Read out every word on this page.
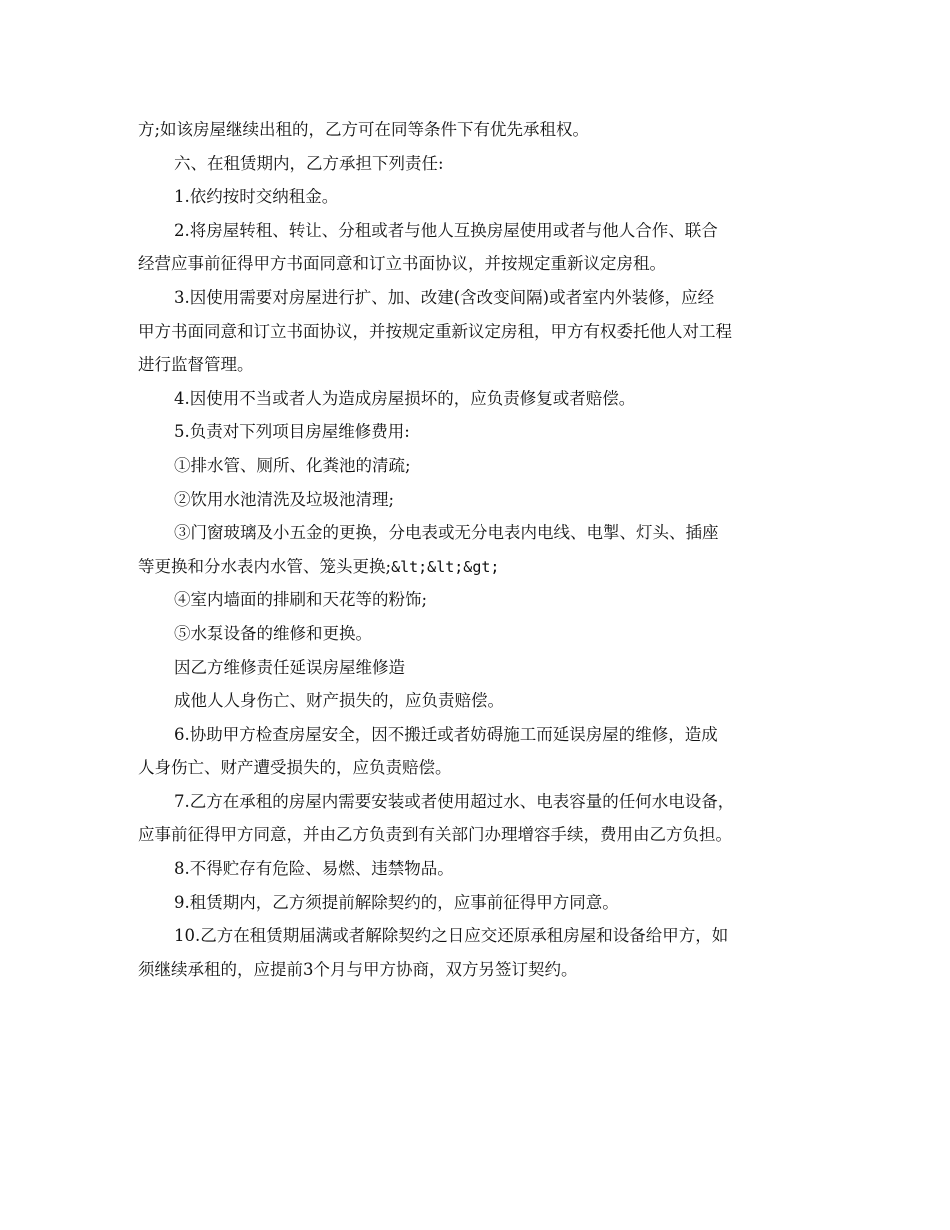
方;如该房屋继续出租的，乙方可在同等条件下有优先承租权。
六、在租赁期内，乙方承担下列责任:
1.依约按时交纳租金。
2.将房屋转租、转让、分租或者与他人互换房屋使用或者与他人合作、联合
经营应事前征得甲方书面同意和订立书面协议，并按规定重新议定房租。
3.因使用需要对房屋进行扩、加、改建(含改变间隔)或者室内外装修，应经
甲方书面同意和订立书面协议，并按规定重新议定房租，甲方有权委托他人对工程
进行监督管理。
4.因使用不当或者人为造成房屋损坏的，应负责修复或者赔偿。
5.负责对下列项目房屋维修费用:
①排水管、厕所、化粪池的清疏;
②饮用水池清洗及垃圾池清理;
③门窗玻璃及小五金的更换，分电表或无分电表内电线、电掣、灯头、插座
等更换和分水表内水管、笼头更换;&lt;&lt;&gt;
④室内墙面的排刷和天花等的粉饰;
⑤水泵设备的维修和更换。
因乙方维修责任延误房屋维修造
成他人人身伤亡、财产损失的，应负责赔偿。
6.协助甲方检查房屋安全，因不搬迁或者妨碍施工而延误房屋的维修，造成
人身伤亡、财产遭受损失的，应负责赔偿。
7.乙方在承租的房屋内需要安装或者使用超过水、电表容量的任何水电设备，
应事前征得甲方同意，并由乙方负责到有关部门办理增容手续，费用由乙方负担。
8.不得贮存有危险、易燃、违禁物品。
9.租赁期内，乙方须提前解除契约的，应事前征得甲方同意。
10.乙方在租赁期届满或者解除契约之日应交还原承租房屋和设备给甲方，如
须继续承租的，应提前3个月与甲方协商，双方另签订契约。
